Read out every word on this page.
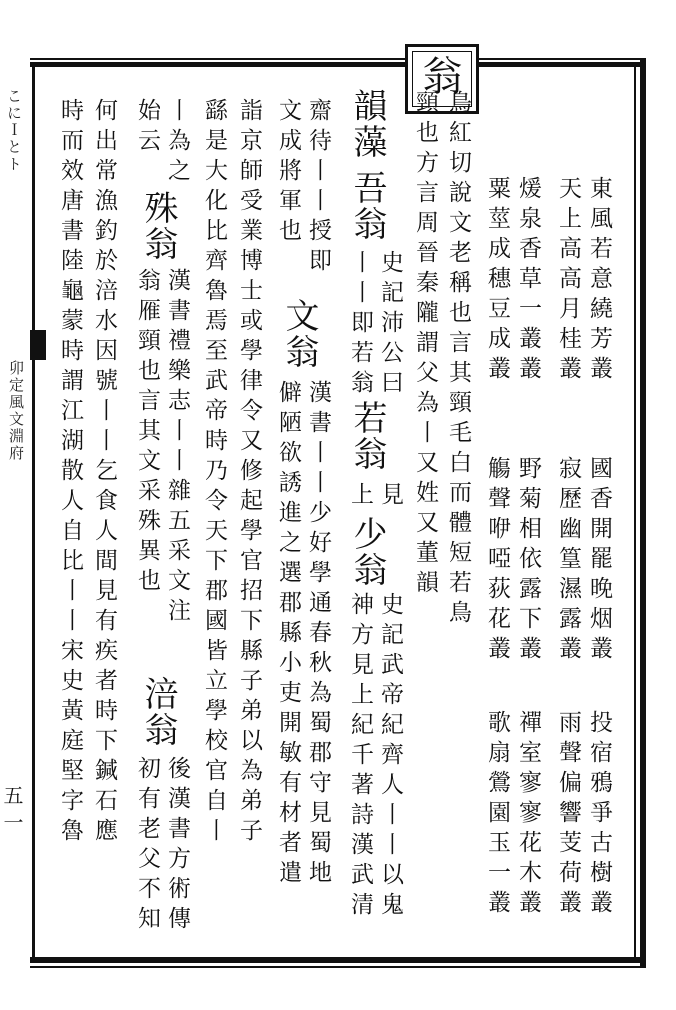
こにＩとト
卯定風文淵府
五一
翁
東風若意繞芳叢
國香開罷晚烟叢
投宿鴉爭古樹叢
天上高高月桂叢
寂歷幽篁濕露叢
雨聲偏響芰荷叢
煖泉香草一叢叢
野菊相依露下叢
禪室寥寥花木叢
粟莖成穗豆成叢
觴聲咿啞荻花叢
歌扇鶯園玉一叢
鳥紅切說文老稱也言其頸毛白而體短若鳥
頸也方言周晉秦隴謂父為丨又姓又董韻
韻藻
吾翁
史記沛公曰
見
丨丨即若翁
若翁
上
少翁
史記武帝紀齊人丨丨以鬼
神方見上紀千著詩漢武清
齋待丨丨授即
文翁
漢書丨丨少好學通春秋為蜀郡守見蜀地
文成將軍也
僻陋欲誘進之選郡縣小吏開敏有材者遣
詣京師受業博士或學律令又修起學官招下縣子弟以為弟子
繇是大化比齊魯焉至武帝時乃令天下郡國皆立學校官自丨
丨為之
殊翁
漢書禮樂志丨丨雜五采文注
始云
翁雁頸也言其文采殊異也
涪翁
後漢書方術傳
何出常漁釣於涪水因號丨丨乞食人間見有疾者時下鍼石應 初有老父不知
時而效唐書陸龜蒙時謂江湖散人自比丨丨宋史黃庭堅字魯
